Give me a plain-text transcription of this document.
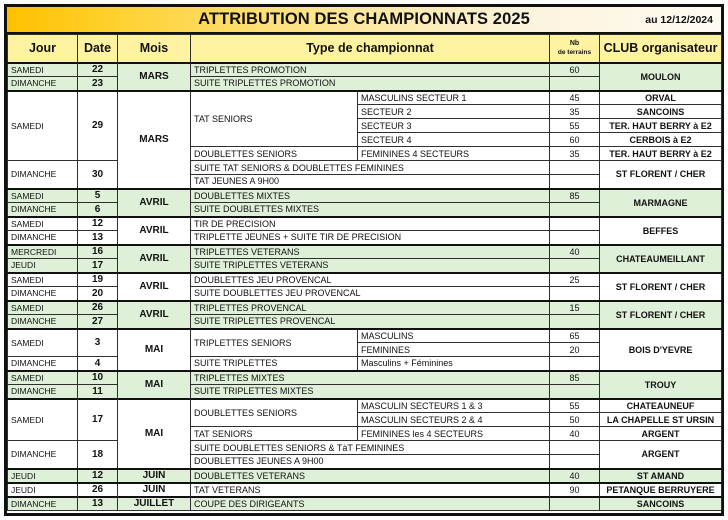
ATTRIBUTION DES CHAMPIONNATS 2025	au 12/12/2024
Jour	Date	Mois	Type de championnat		Nb
de terrains	CLUB organisateur
SAMEDI	22	MARS	TRIPLETTES PROMOTION		60	MOULON
DIMANCHE	23		SUITE TRIPLETTES PROMOTION			
SAMEDI	29	MARS	TAT SENIORS	MASCULINS SECTEUR 1	45	ORVAL
				SECTEUR 2	35	SANCOINS
				SECTEUR 3	55	TER. HAUT BERRY à E2
				SECTEUR 4	60	CERBOIS à E2
			DOUBLETTES SENIORS	FEMININES 4 SECTEURS	35	TER. HAUT BERRY à E2
DIMANCHE	30		SUITE TAT SENIORS & DOUBLETTES FEMININES			ST FLORENT / CHER
			TAT JEUNES A 9H00			
SAMEDI	5	AVRIL	DOUBLETTES MIXTES		85	MARMAGNE
DIMANCHE	6		SUITE DOUBLETTES MIXTES			
SAMEDI	12	AVRIL	TIR DE PRECISION			BEFFES
DIMANCHE	13		TRIPLETTE JEUNES + SUITE TIR DE PRECISION			
MERCREDI	16	AVRIL	TRIPLETTES VETERANS		40	CHATEAUMEILLANT
JEUDI	17		SUITE TRIPLETTES VETERANS			
SAMEDI	19	AVRIL	DOUBLETTES JEU PROVENCAL		25	ST FLORENT / CHER
DIMANCHE	20		SUITE DOUBLETTES JEU PROVENCAL			
SAMEDI	26	AVRIL	TRIPLETTES PROVENCAL		15	ST FLORENT / CHER
DIMANCHE	27		SUITE TRIPLETTES PROVENCAL			
SAMEDI	3	MAI	TRIPLETTES SENIORS	MASCULINS	65	BOIS D'YEVRE
				FEMININES	20	
DIMANCHE	4		SUITE TRIPLETTES	Masculins + Féminines		
SAMEDI	10	MAI	TRIPLETTES MIXTES		85	TROUY
DIMANCHE	11		SUITE TRIPLETTES MIXTES			
SAMEDI	17	MAI	DOUBLETTES SENIORS	MASCULIN SECTEURS 1 & 3	55	CHATEAUNEUF
				MASCULIN SECTEURS 2 & 4	50	LA CHAPELLE ST URSIN
			TAT SENIORS	FEMININES les 4 SECTEURS	40	ARGENT
DIMANCHE	18		SUITE DOUBLETTES SENIORS & TàT FEMININES			ARGENT
			DOUBLETTES JEUNES A 9H00			
JEUDI	12	JUIN	DOUBLETTES VETERANS		40	ST AMAND
JEUDI	26	JUIN	TAT VETERANS		90	PETANQUE BERRUYERE
DIMANCHE	13	JUILLET	COUPE DES DIRIGEANTS			SANCOINS
